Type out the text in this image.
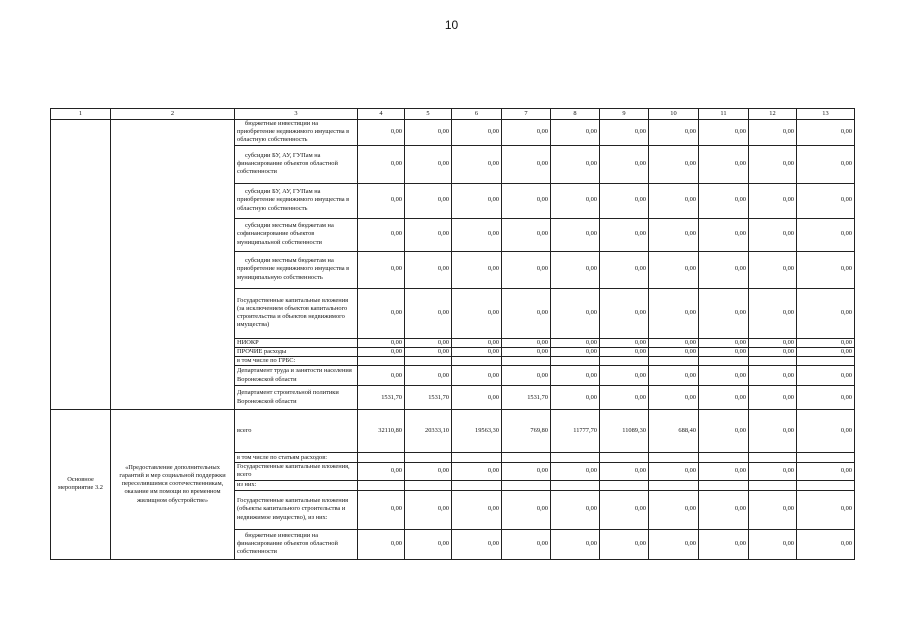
10
1	2	3	4	5	6	7	8	9	10	11	12	13
		бюджетные инвестиции на приобретение недвижимого имущества в областную собственность	0,00	0,00	0,00	0,00	0,00	0,00	0,00	0,00	0,00	0,00
		субсидии БУ, АУ, ГУПам на финансирование объектов областной собственности	0,00	0,00	0,00	0,00	0,00	0,00	0,00	0,00	0,00	0,00
		субсидии БУ, АУ, ГУПам на приобретение недвижимого имущества в областную собственность	0,00	0,00	0,00	0,00	0,00	0,00	0,00	0,00	0,00	0,00
		субсидии местным бюджетам на софинансирование объектов муниципальной собственности	0,00	0,00	0,00	0,00	0,00	0,00	0,00	0,00	0,00	0,00
		субсидии местным бюджетам на приобретение недвижимого имущества в муниципальную собственность	0,00	0,00	0,00	0,00	0,00	0,00	0,00	0,00	0,00	0,00
		Государственные капитальные вложения (за исключением объектов капитального строительства и объектов недвижимого имущества)	0,00	0,00	0,00	0,00	0,00	0,00	0,00	0,00	0,00	0,00
		НИОКР	0,00	0,00	0,00	0,00	0,00	0,00	0,00	0,00	0,00	0,00
		ПРОЧИЕ расходы	0,00	0,00	0,00	0,00	0,00	0,00	0,00	0,00	0,00	0,00
		в том числе по ГРБС:										
		Департамент труда и занятости населения Воронежской области	0,00	0,00	0,00	0,00	0,00	0,00	0,00	0,00	0,00	0,00
		Департамент строительной политики Воронежской области	1531,70	1531,70	0,00	1531,70	0,00	0,00	0,00	0,00	0,00	0,00
Основное мероприятие 3.2	«Предоставление дополнительных гарантий и мер социальной поддержки переселившимся соотечественникам, оказание им помощи во временном жилищном обустройстве»	всего	32110,80	20333,10	19563,30	769,80	11777,70	11089,30	688,40	0,00	0,00	0,00
		в том числе по статьям расходов:										
		Государственные капитальные вложения, всего	0,00	0,00	0,00	0,00	0,00	0,00	0,00	0,00	0,00	0,00
		из них:										
		Государственные капитальные вложения (объекты капитального строительства и недвижимое имущество), из них:	0,00	0,00	0,00	0,00	0,00	0,00	0,00	0,00	0,00	0,00
		бюджетные инвестиции на финансирование объектов областной собственности	0,00	0,00	0,00	0,00	0,00	0,00	0,00	0,00	0,00	0,00
